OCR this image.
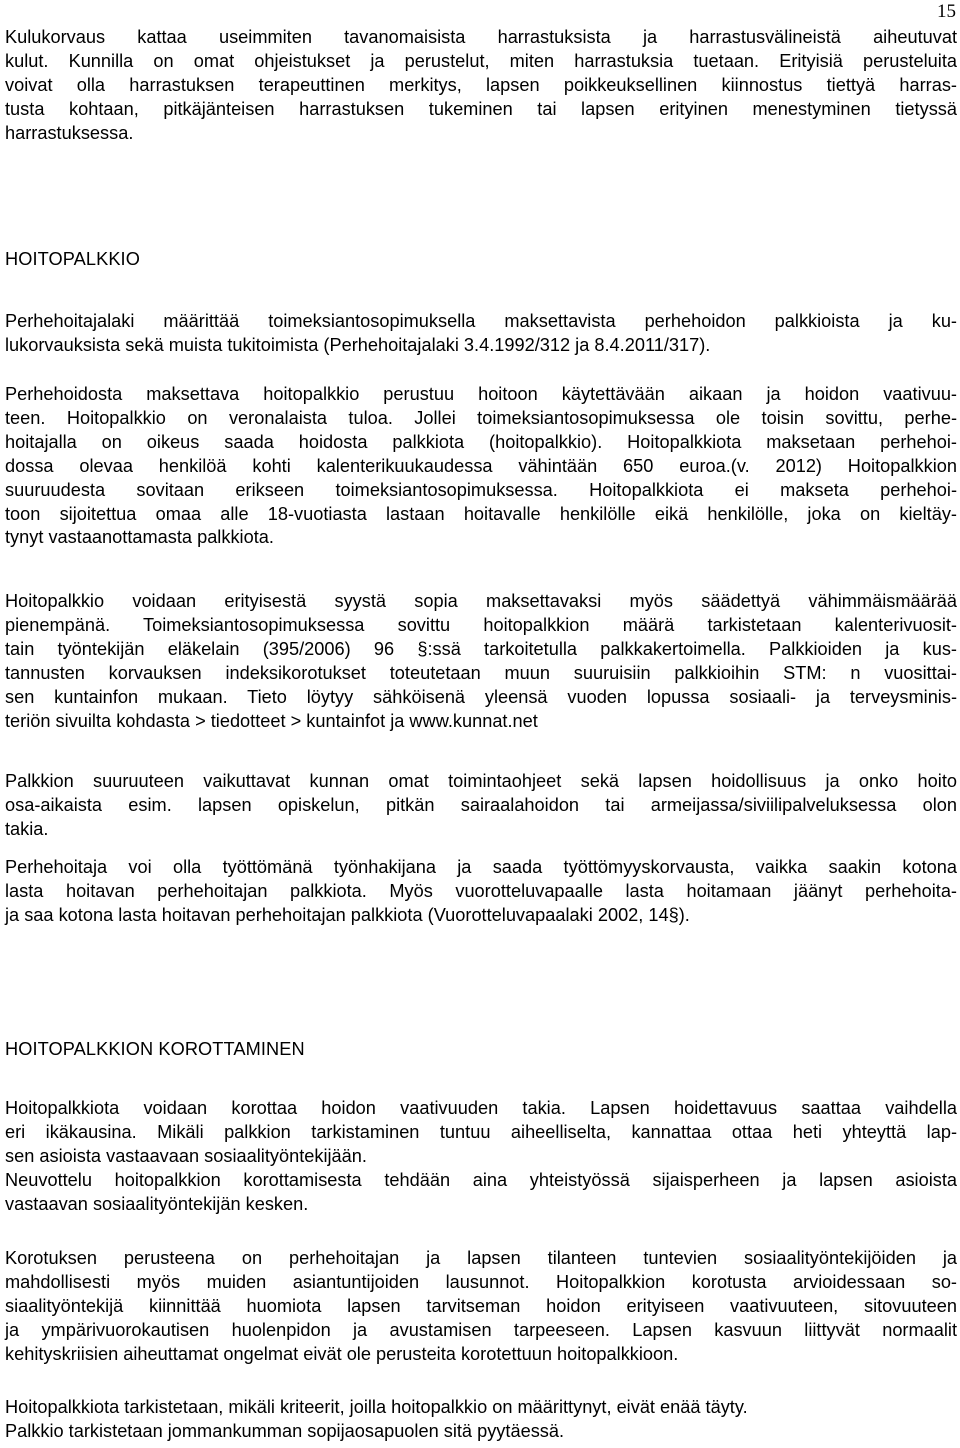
15
Kulukorvaus kattaa useimmiten tavanomaisista harrastuksista ja harrastusvälineistä aiheutuvat
kulut. Kunnilla on omat ohjeistukset ja perustelut, miten harrastuksia tuetaan. Erityisiä perusteluita
voivat olla harrastuksen terapeuttinen merkitys, lapsen poikkeuksellinen kiinnostus tiettyä harras-
tusta kohtaan, pitkäjänteisen harrastuksen tukeminen tai lapsen erityinen menestyminen tietyssä
harrastuksessa.
HOITOPALKKIO
Perhehoitajalaki määrittää toimeksiantosopimuksella maksettavista perhehoidon palkkioista ja ku-
lukorvauksista sekä muista tukitoimista (Perhehoitajalaki 3.4.1992/312 ja 8.4.2011/317).
Perhehoidosta maksettava hoitopalkkio perustuu hoitoon käytettävään aikaan ja hoidon vaativuu-
teen. Hoitopalkkio on veronalaista tuloa. Jollei toimeksiantosopimuksessa ole toisin sovittu, perhe-
hoitajalla on oikeus saada hoidosta palkkiota (hoitopalkkio). Hoitopalkkiota maksetaan perhehoi-
dossa olevaa henkilöä kohti kalenterikuukaudessa vähintään 650 euroa.(v. 2012) Hoitopalkkion
suuruudesta sovitaan erikseen toimeksiantosopimuksessa. Hoitopalkkiota ei makseta perhehoi-
toon sijoitettua omaa alle 18-vuotiasta lastaan hoitavalle henkilölle eikä henkilölle, joka on kieltäy-
tynyt vastaanottamasta palkkiota.
Hoitopalkkio voidaan erityisestä syystä sopia maksettavaksi myös säädettyä vähimmäismäärää
pienempänä. Toimeksiantosopimuksessa sovittu hoitopalkkion määrä tarkistetaan kalenterivuosit-
tain työntekijän eläkelain (395/2006) 96 §:ssä tarkoitetulla palkkakertoimella. Palkkioiden ja kus-
tannusten korvauksen indeksikorotukset toteutetaan muun suuruisiin palkkioihin STM: n vuosittai-
sen kuntainfon mukaan. Tieto löytyy sähköisenä yleensä vuoden lopussa sosiaali- ja terveysminis-
teriön sivuilta kohdasta > tiedotteet > kuntainfot ja www.kunnat.net
Palkkion suuruuteen vaikuttavat kunnan omat toimintaohjeet sekä lapsen hoidollisuus ja onko hoito
osa-aikaista esim. lapsen opiskelun, pitkän sairaalahoidon tai armeijassa/siviilipalveluksessa olon
takia.
Perhehoitaja voi olla työttömänä työnhakijana ja saada työttömyyskorvausta, vaikka saakin kotona
lasta hoitavan perhehoitajan palkkiota. Myös vuorotteluvapaalle lasta hoitamaan jäänyt perhehoita-
ja saa kotona lasta hoitavan perhehoitajan palkkiota (Vuorotteluvapaalaki 2002, 14§).
HOITOPALKKION KOROTTAMINEN
Hoitopalkkiota voidaan korottaa hoidon vaativuuden takia. Lapsen hoidettavuus saattaa vaihdella
eri ikäkausina. Mikäli palkkion tarkistaminen tuntuu aiheelliselta, kannattaa ottaa heti yhteyttä lap-
sen asioista vastaavaan sosiaalityöntekijään.
Neuvottelu hoitopalkkion korottamisesta tehdään aina yhteistyössä sijaisperheen ja lapsen asioista
vastaavan sosiaalityöntekijän kesken.
Korotuksen perusteena on perhehoitajan ja lapsen tilanteen tuntevien sosiaalityöntekijöiden ja
mahdollisesti myös muiden asiantuntijoiden lausunnot. Hoitopalkkion korotusta arvioidessaan so-
siaalityöntekijä kiinnittää huomiota lapsen tarvitseman hoidon erityiseen vaativuuteen, sitovuuteen
ja ympärivuorokautisen huolenpidon ja avustamisen tarpeeseen. Lapsen kasvuun liittyvät normaalit
kehityskriisien aiheuttamat ongelmat eivät ole perusteita korotettuun hoitopalkkioon.
Hoitopalkkiota tarkistetaan, mikäli kriteerit, joilla hoitopalkkio on määrittynyt, eivät enää täyty.
Palkkio tarkistetaan jommankumman sopijaosapuolen sitä pyytäessä.
